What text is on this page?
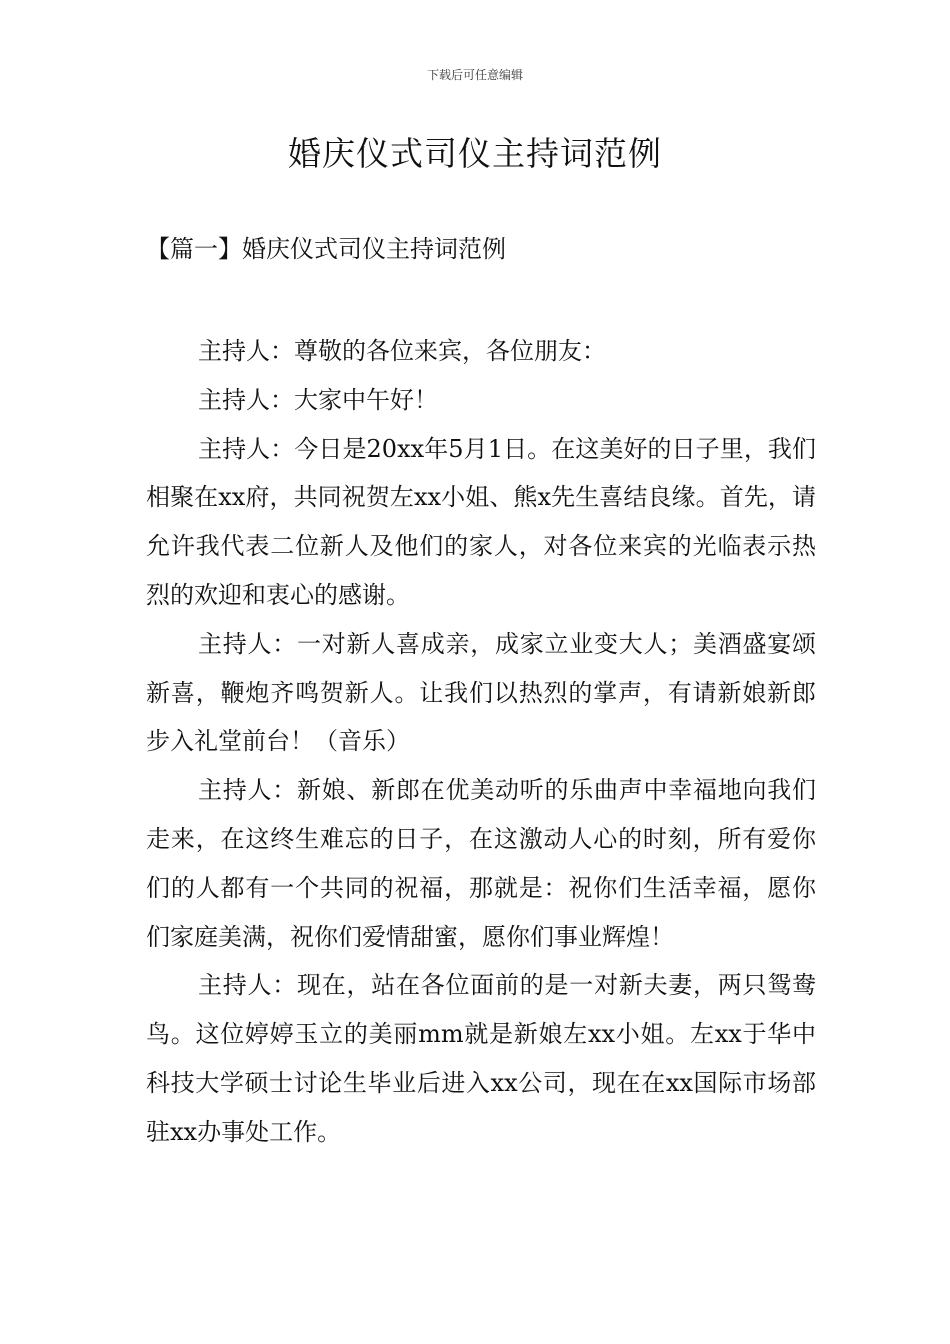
下载后可任意编辑
婚庆仪式司仪主持词范例
【篇一】婚庆仪式司仪主持词范例

主持人：尊敬的各位来宾，各位朋友：

主持人：大家中午好！

主持人：今日是20xx年5月1日。在这美好的日子里，我们相聚在xx府，共同祝贺左xx小姐、熊x先生喜结良缘。首先，请允许我代表二位新人及他们的家人，对各位来宾的光临表示热烈的欢迎和衷心的感谢。

主持人：一对新人喜成亲，成家立业变大人；美酒盛宴颂新喜，鞭炮齐鸣贺新人。让我们以热烈的掌声，有请新娘新郎步入礼堂前台！（音乐）

主持人：新娘、新郎在优美动听的乐曲声中幸福地向我们走来，在这终生难忘的日子，在这激动人心的时刻，所有爱你们的人都有一个共同的祝福，那就是：祝你们生活幸福，愿你们家庭美满，祝你们爱情甜蜜，愿你们事业辉煌！

主持人：现在，站在各位面前的是一对新夫妻，两只鸳鸯鸟。这位婷婷玉立的美丽mm就是新娘左xx小姐。左xx于华中科技大学硕士讨论生毕业后进入xx公司，现在在xx国际市场部驻xx办事处工作。
